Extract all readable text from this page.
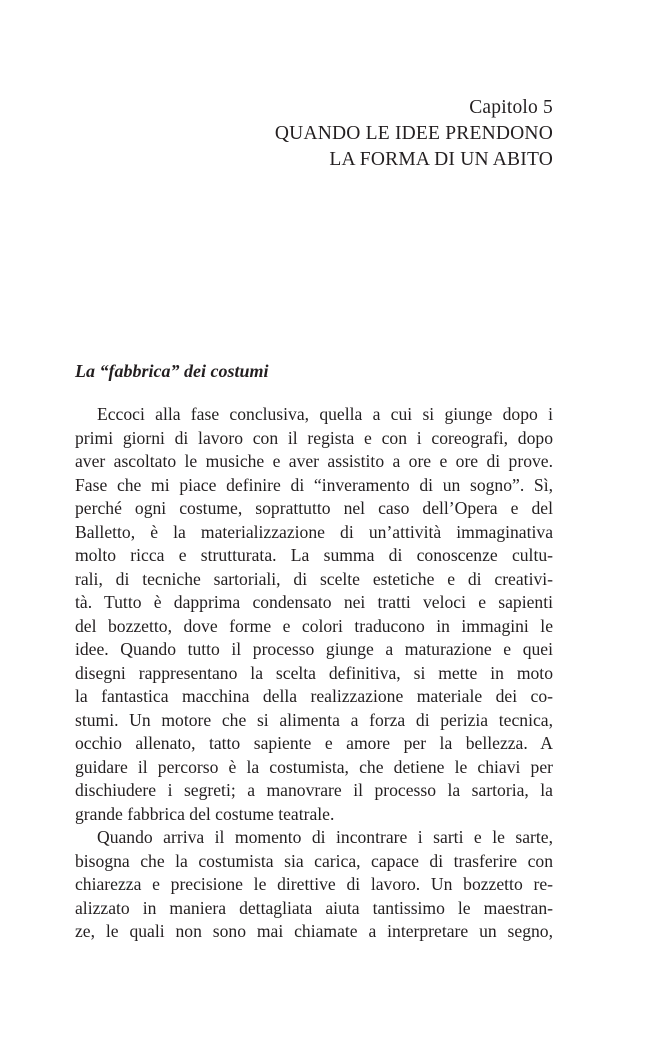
Capitolo 5
QUANDO LE IDEE PRENDONO
LA FORMA DI UN ABITO
La “fabbrica” dei costumi
Eccoci alla fase conclusiva, quella a cui si giunge dopo i
primi giorni di lavoro con il regista e con i coreografi, dopo
aver ascoltato le musiche e aver assistito a ore e ore di prove.
Fase che mi piace definire di “inveramento di un sogno”. Sì,
perché ogni costume, soprattutto nel caso dell’Opera e del
Balletto, è la materializzazione di un’attività immaginativa
molto ricca e strutturata. La summa di conoscenze cultu-
rali, di tecniche sartoriali, di scelte estetiche e di creativi-
tà. Tutto è dapprima condensato nei tratti veloci e sapienti
del bozzetto, dove forme e colori traducono in immagini le
idee. Quando tutto il processo giunge a maturazione e quei
disegni rappresentano la scelta definitiva, si mette in moto
la fantastica macchina della realizzazione materiale dei co-
stumi. Un motore che si alimenta a forza di perizia tecnica,
occhio allenato, tatto sapiente e amore per la bellezza. A
guidare il percorso è la costumista, che detiene le chiavi per
dischiudere i segreti; a manovrare il processo la sartoria, la
grande fabbrica del costume teatrale.
Quando arriva il momento di incontrare i sarti e le sarte,
bisogna che la costumista sia carica, capace di trasferire con
chiarezza e precisione le direttive di lavoro. Un bozzetto re-
alizzato in maniera dettagliata aiuta tantissimo le maestran-
ze, le quali non sono mai chiamate a interpretare un segno,
